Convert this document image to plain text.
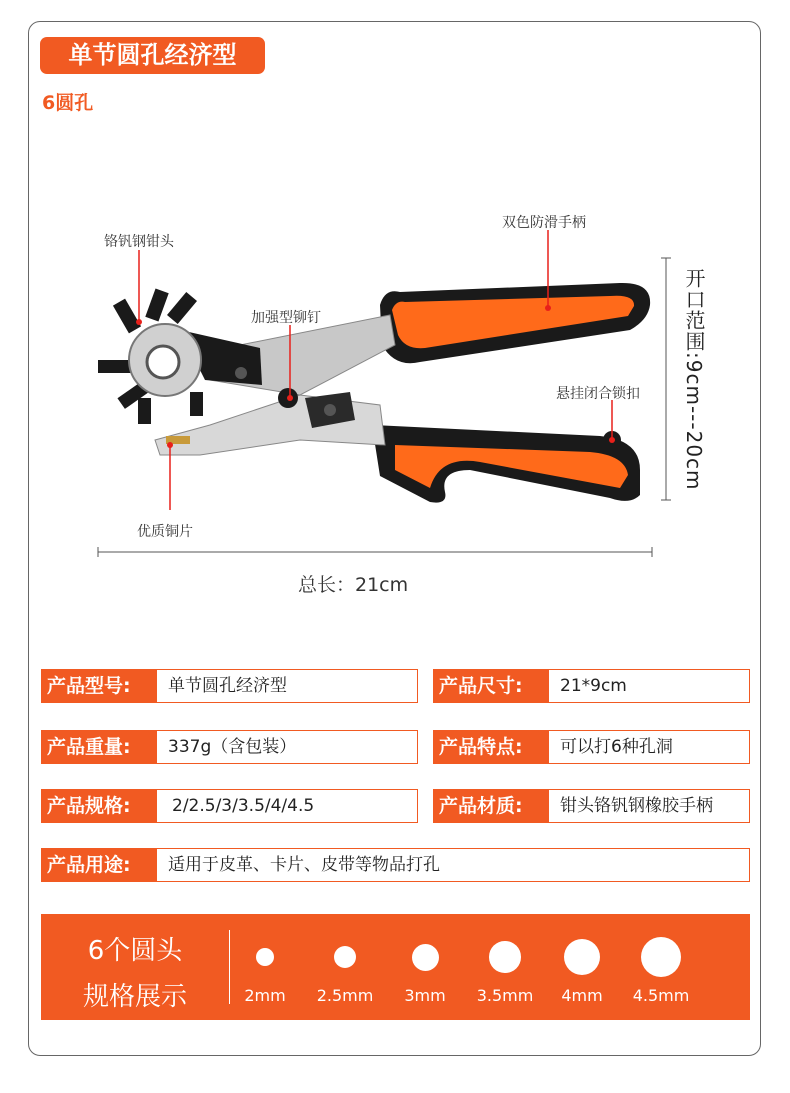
单节圆孔经济型
6圆孔
铬钒钢钳头
双色防滑手柄
加强型铆钉
悬挂闭合锁扣
优质铜片
开口范围:9cm---20cm
总长：21cm
产品型号:	单节圆孔经济型	产品尺寸:	21*9cm
产品重量:	337g（含包装）	产品特点:	可以打6种孔洞
产品规格:	2/2.5/3/3.5/4/4.5	产品材质:	钳头铬钒钢橡胶手柄
产品用途:	适用于皮革、卡片、皮带等物品打孔
6个圆头
规格展示	2mm	2.5mm	3mm	3.5mm	4mm	4.5mm
